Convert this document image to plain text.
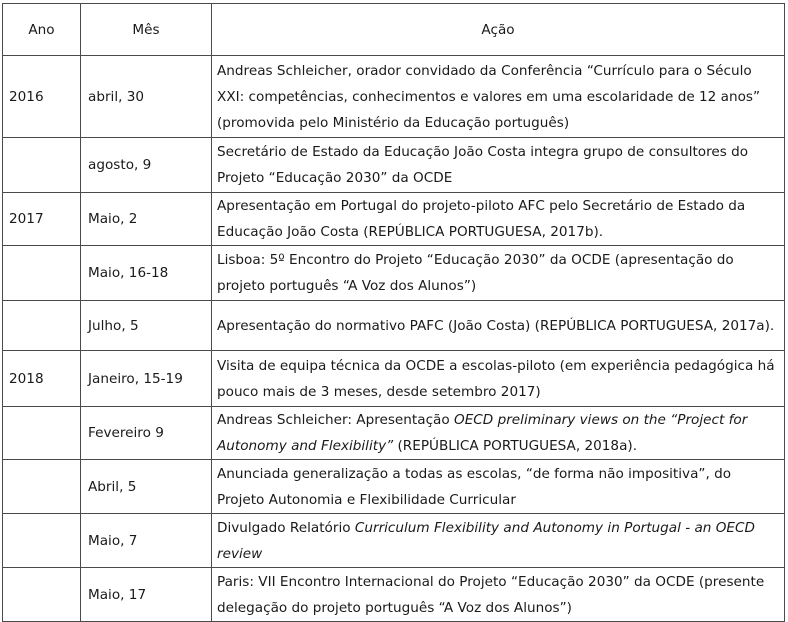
Ano	Mês	Ação
2016	abril, 30	Andreas Schleicher, orador convidado da Conferência “Currículo para o Século XXI: competências, conhecimentos e valores em uma escolaridade de 12 anos” (promovida pelo Ministério da Educação português)
	agosto, 9	Secretário de Estado da Educação João Costa integra grupo de consultores do Projeto “Educação 2030” da OCDE
2017	Maio, 2	Apresentação em Portugal do projeto-piloto AFC pelo Secretário de Estado da Educação João Costa (REPÚBLICA PORTUGUESA, 2017b).
	Maio, 16-18	Lisboa: 5º Encontro do Projeto “Educação 2030” da OCDE (apresentação do projeto português “A Voz dos Alunos”)
	Julho, 5	Apresentação do normativo PAFC (João Costa) (REPÚBLICA PORTUGUESA, 2017a).
2018	Janeiro, 15-19	Visita de equipa técnica da OCDE a escolas-piloto (em experiência pedagógica há pouco mais de 3 meses, desde setembro 2017)
	Fevereiro 9	Andreas Schleicher: Apresentação OECD preliminary views on the “Project for Autonomy and Flexibility” (REPÚBLICA PORTUGUESA, 2018a).
	Abril, 5	Anunciada generalização a todas as escolas, “de forma não impositiva”, do Projeto Autonomia e Flexibilidade Curricular
	Maio, 7	Divulgado Relatório Curriculum Flexibility and Autonomy in Portugal - an OECD review
	Maio, 17	Paris: VII Encontro Internacional do Projeto “Educação 2030” da OCDE (presente delegação do projeto português “A Voz dos Alunos”)
